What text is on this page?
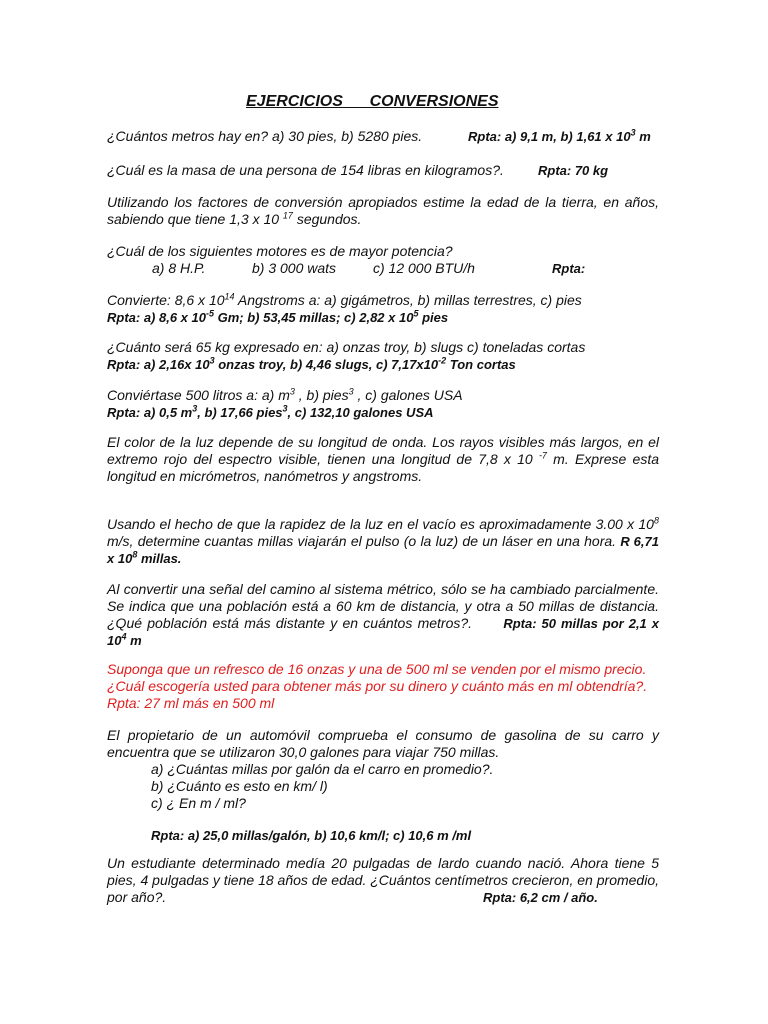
EJERCICIOS      CONVERSIONES
¿Cuántos metros hay en? a) 30 pies, b) 5280 pies.	Rpta: a) 9,1 m, b) 1,61 x $10^3$ m
¿Cuál es la masa de una persona de 154 libras en kilogramos?.	Rpta: 70 kg
Utilizando los factores de conversión apropiados estime la edad de la tierra, en años, sabiendo que tiene 1,3 x 10 $^{17}$ segundos.
¿Cuál de los siguientes motores es de mayor potencia?
a) 8 H.P.	b) 3 000 wats	c) 12 000 BTU/h	Rpta:
Convierte: 8,6 x $10^{14}$ Angstroms a: a) gigámetros, b) millas terrestres, c) pies
Rpta: a) 8,6 x $10^{-5}$ Gm; b) 53,45 millas; c) 2,82 x $10^5$ pies
¿Cuánto será 65 kg expresado en: a) onzas troy, b) slugs c) toneladas cortas
Rpta: a) 2,16x $10^3$ onzas troy, b) 4,46 slugs, c) $7,17x10^{-2}$ Ton cortas
Conviértase 500 litros a: a) $m^3$ , b) pies$^3$ , c) galones USA
Rpta: a) 0,5 $m^3$, b) 17,66 pies$^3$, c) 132,10 galones USA
El color de la luz depende de su longitud de onda. Los rayos visibles más largos, en el extremo rojo del espectro visible, tienen una longitud de 7,8 x 10 $^{-7}$ m. Exprese esta longitud en micrómetros, nanómetros y angstroms.
Usando el hecho de que la rapidez de la luz en el vacío es aproximadamente 3.00 x $10^8$ m/s, determine cuantas millas viajarán el pulso (o la luz) de un láser en una hora. R 6,71 x $10^8$ millas.
Al convertir una señal del camino al sistema métrico, sólo se ha cambiado parcialmente. Se indica que una población está a 60 km de distancia, y otra a 50 millas de distancia. ¿Qué población está más distante y en cuántos metros?. Rpta: 50 millas por 2,1 x $10^4$ m
Suponga que un refresco de 16 onzas y una de 500 ml se venden por el mismo precio. ¿Cuál escogería usted para obtener más por su dinero y cuánto más en ml obtendría?.
Rpta: 27 ml más en 500 ml
El propietario de un automóvil comprueba el consumo de gasolina de su carro y encuentra que se utilizaron 30,0 galones para viajar 750 millas.
a) ¿Cuántas millas por galón da el carro en promedio?.
b) ¿Cuánto es esto en km/ l)
c) ¿ En m / ml?
Rpta: a) 25,0 millas/galón, b) 10,6 km/l; c) 10,6 m /ml
Un estudiante determinado medía 20 pulgadas de lardo cuando nació. Ahora tiene 5 pies, 4 pulgadas y tiene 18 años de edad. ¿Cuántos centímetros crecieron, en promedio, por año?.	Rpta: 6,2 cm / año.
